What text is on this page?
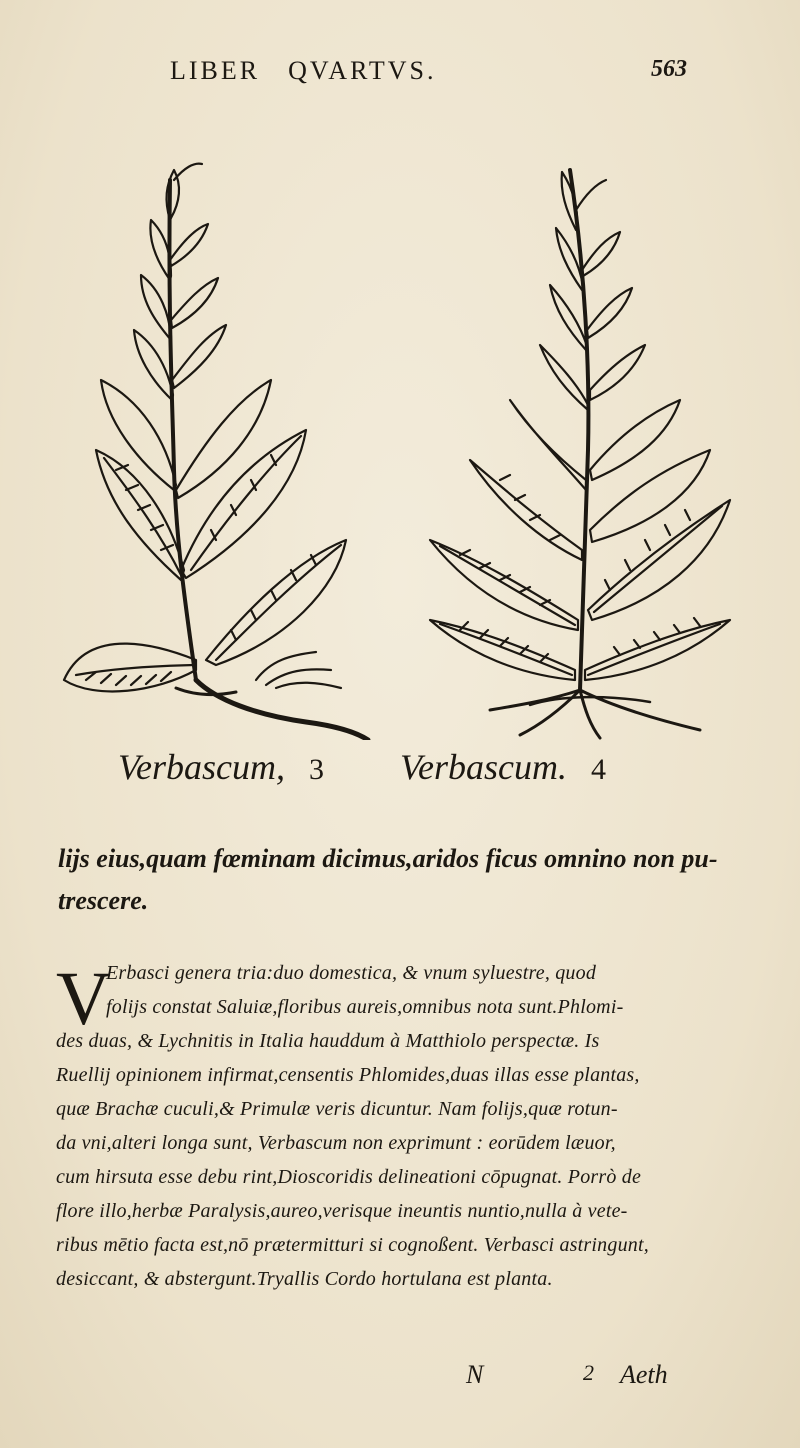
LIBER QVARTVS.	563
Verbascum, 3 Verbascum. 4
lijs eius,quam fœminam dicimus,aridos ficus omnino non pu-
trescere.
V
Erbasci genera tria:duo domestica, & vnum syluestre, quod
folijs constat Saluiæ,floribus aureis,omnibus nota sunt.Phlomi-
des duas, & Lychnitis in Italia hauddum à Matthiolo perspectæ. Is
Ruellij opinionem infirmat,censentis Phlomides,duas illas esse plantas,
quæ Brachæ cuculi,& Primulæ veris dicuntur. Nam folijs,quæ rotun-
da vni,alteri longa sunt, Verbascum non exprimunt : eorūdem læuor,
cum hirsuta esse debu rint,Dioscoridis delineationi cōpugnat. Porrò de
flore illo,herbæ Paralysis,aureo,verisque ineuntis nuntio,nulla à vete-
ribus mētio facta est,nō prætermitturi si cognoßent. Verbasci astringunt,
desiccant, & abstergunt.Tryallis Cordo hortulana est planta.
N	2 Aeth
